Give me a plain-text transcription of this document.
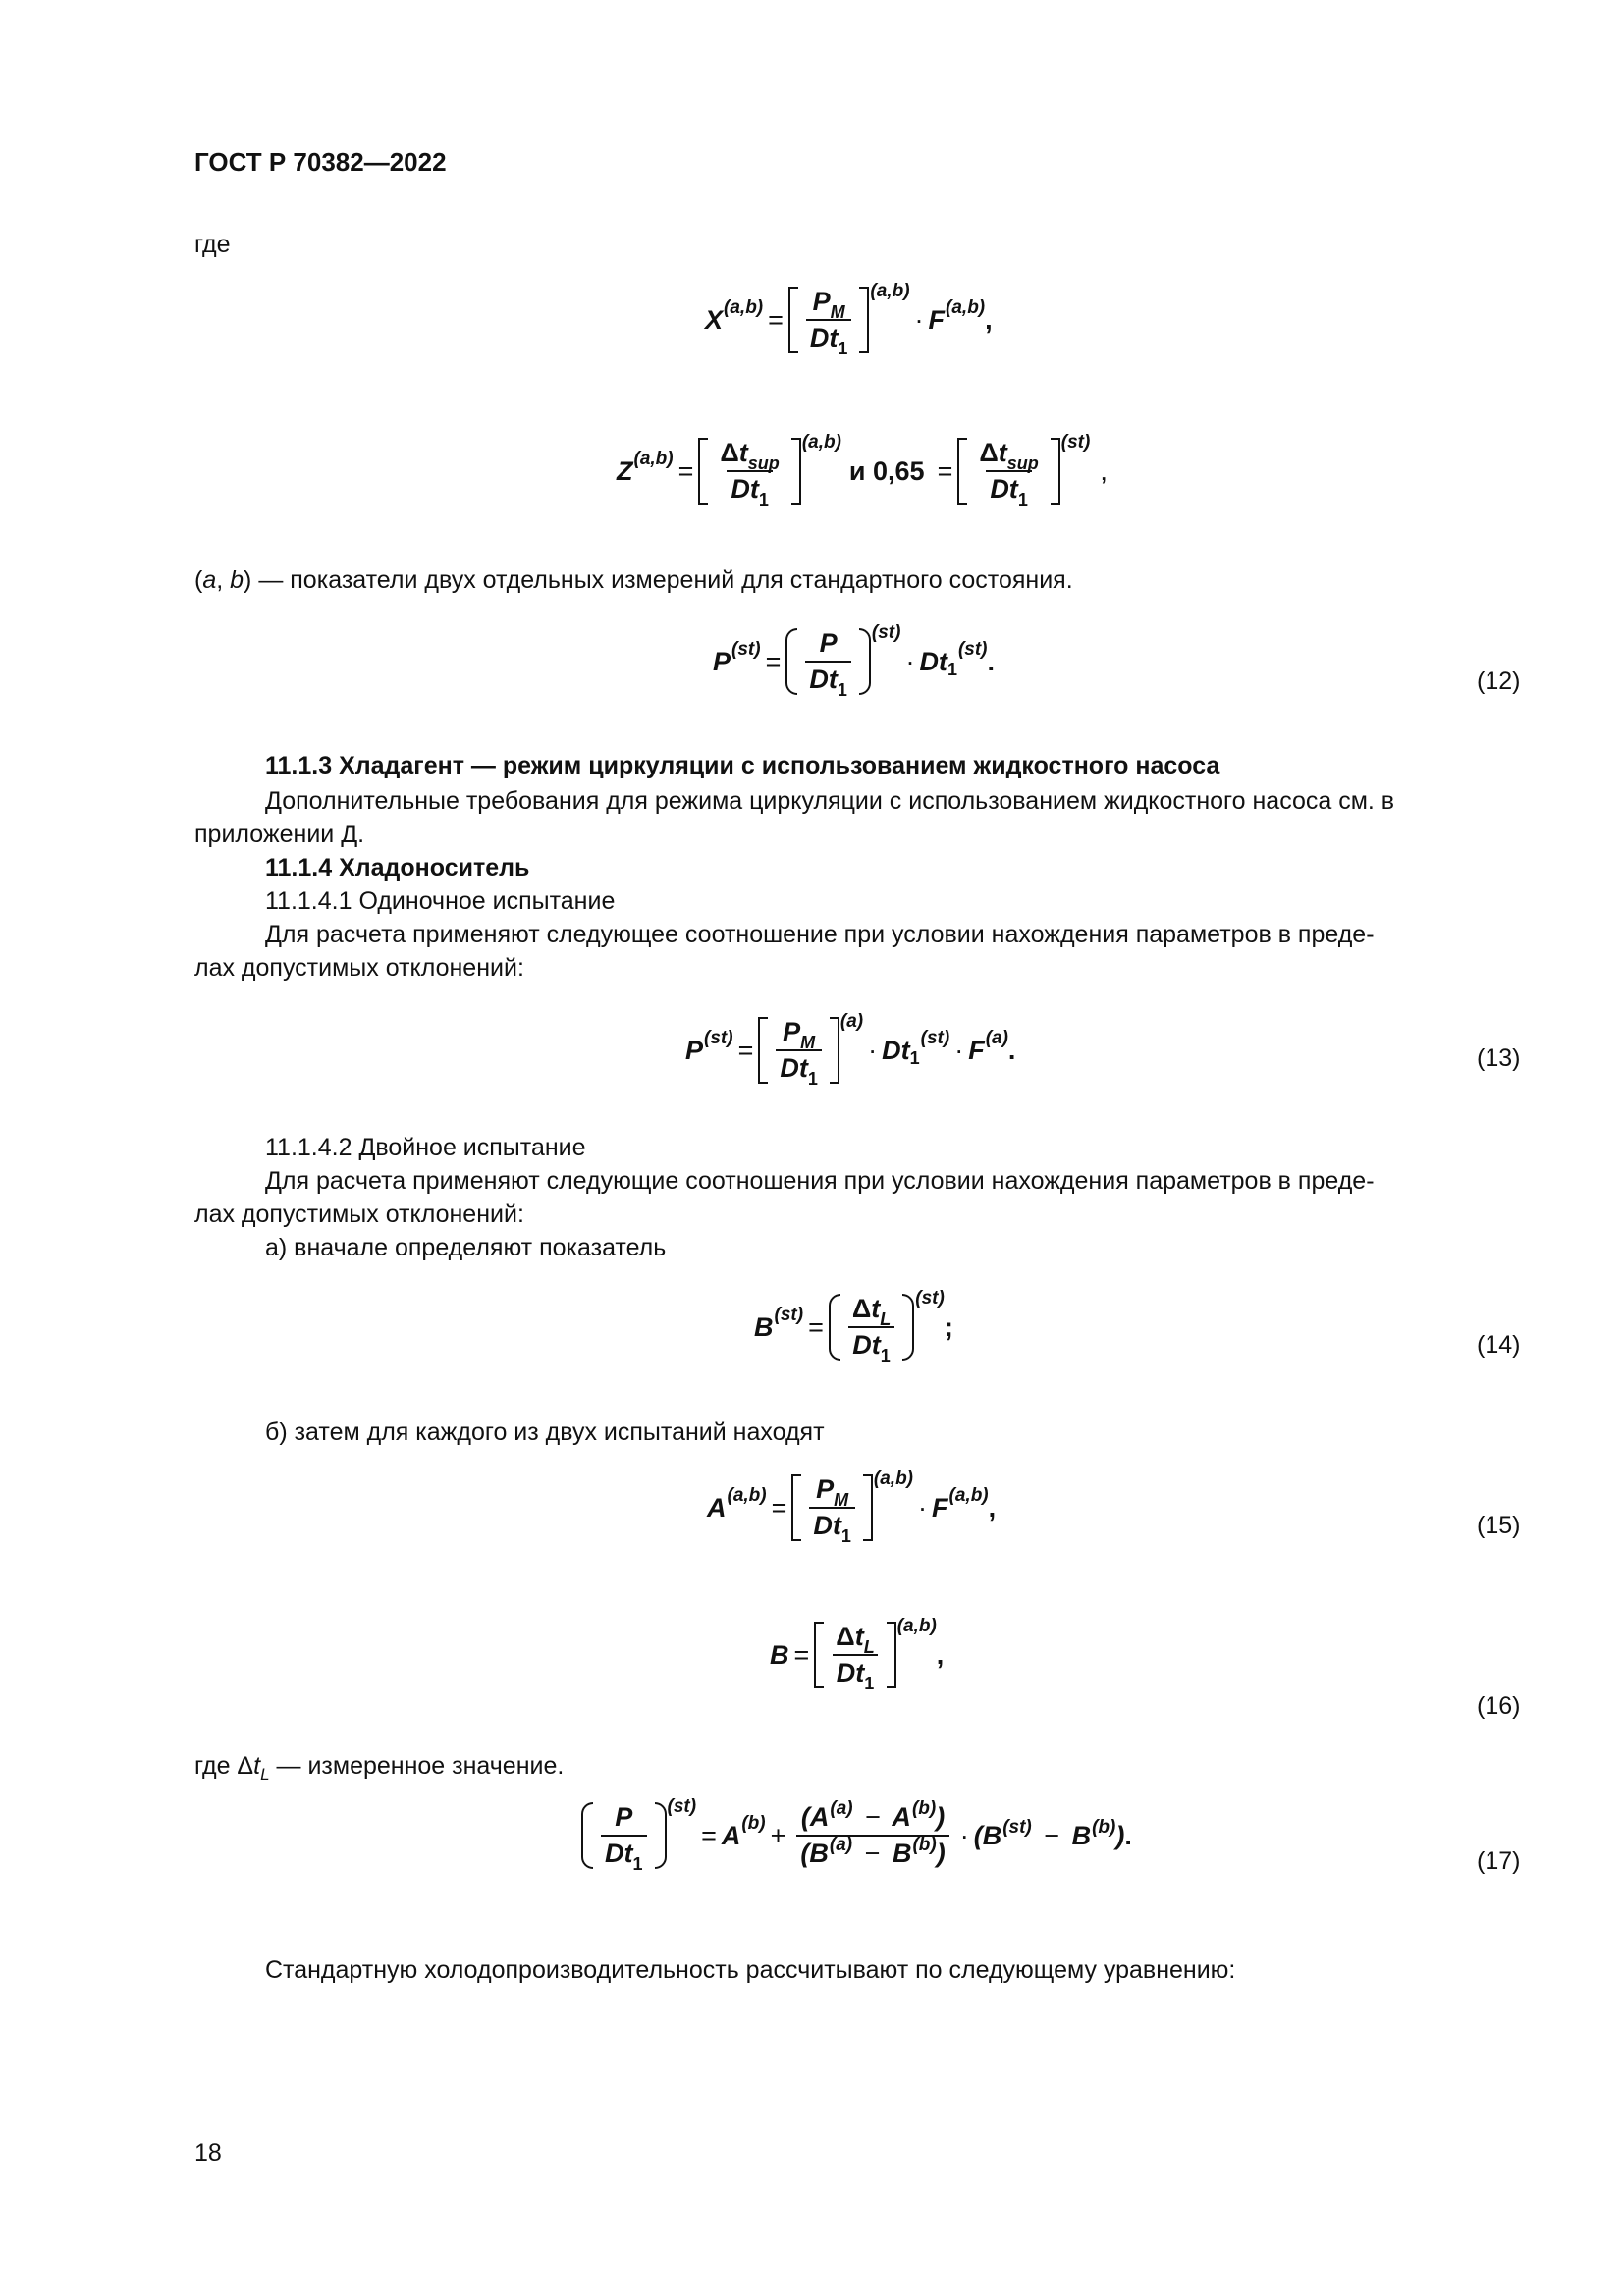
ГОСТ Р 70382—2022
где
X $(a,b) = \frac{P_M}{Dt_1} (a,b)$
· F (a,b) ,
Z $(a,b) = \frac{\Delta t_{sup}}{Dt_1} (a,b)$
и $0,65 = \frac{\Delta t_{sup}}{Dt_1} (st)$
,
(a, b) — показатели двух отдельных измерений для стандартного состояния.
P $(st) = \frac{P}{Dt_1} (st)$
· Dt 1
(st) .
(12)
11.1.3 Хладагент — режим циркуляции с использованием жидкостного насоса
Дополнительные требования для режима циркуляции с использованием жидкостного насоса см. в
приложении Д.
11.1.4 Хладоноситель
11.1.4.1 Одиночное испытание
Для расчета применяют следующее соотношение при условии нахождения параметров в преде-
лах допустимых отклонений:
P $(st) = \frac{P_M}{Dt_1} (a)$
· Dt 1
(st) · F (a) .	(13)
11.1.4.2 Двойное испытание
Для расчета применяют следующие соотношения при условии нахождения параметров в преде-
лах допустимых отклонений:
а) вначале определяют показатель
B $(st) = \frac{\Delta t_L}{Dt_1} (st)$
;
(14)
б) затем для каждого из двух испытаний находят
A $(a,b) = \frac{P_M}{Dt_1} (a,b)$
· F (a,b) ,
(15)
$B = \frac{\Delta t_L}{Dt_1} (a,b)$
,
(16)
где $\Delta t_L$ — измеренное значение.
$\frac{P}{Dt_1} (st)$
= A $(b) + \frac{(A^{(a)} - A^{(b)})}{(B^{(a)} - B^{(b)})} \cdot (B^{(st)} - B^{(b)})$ .
(17)
Стандартную холодопроизводительность рассчитывают по следующему уравнению:
18
